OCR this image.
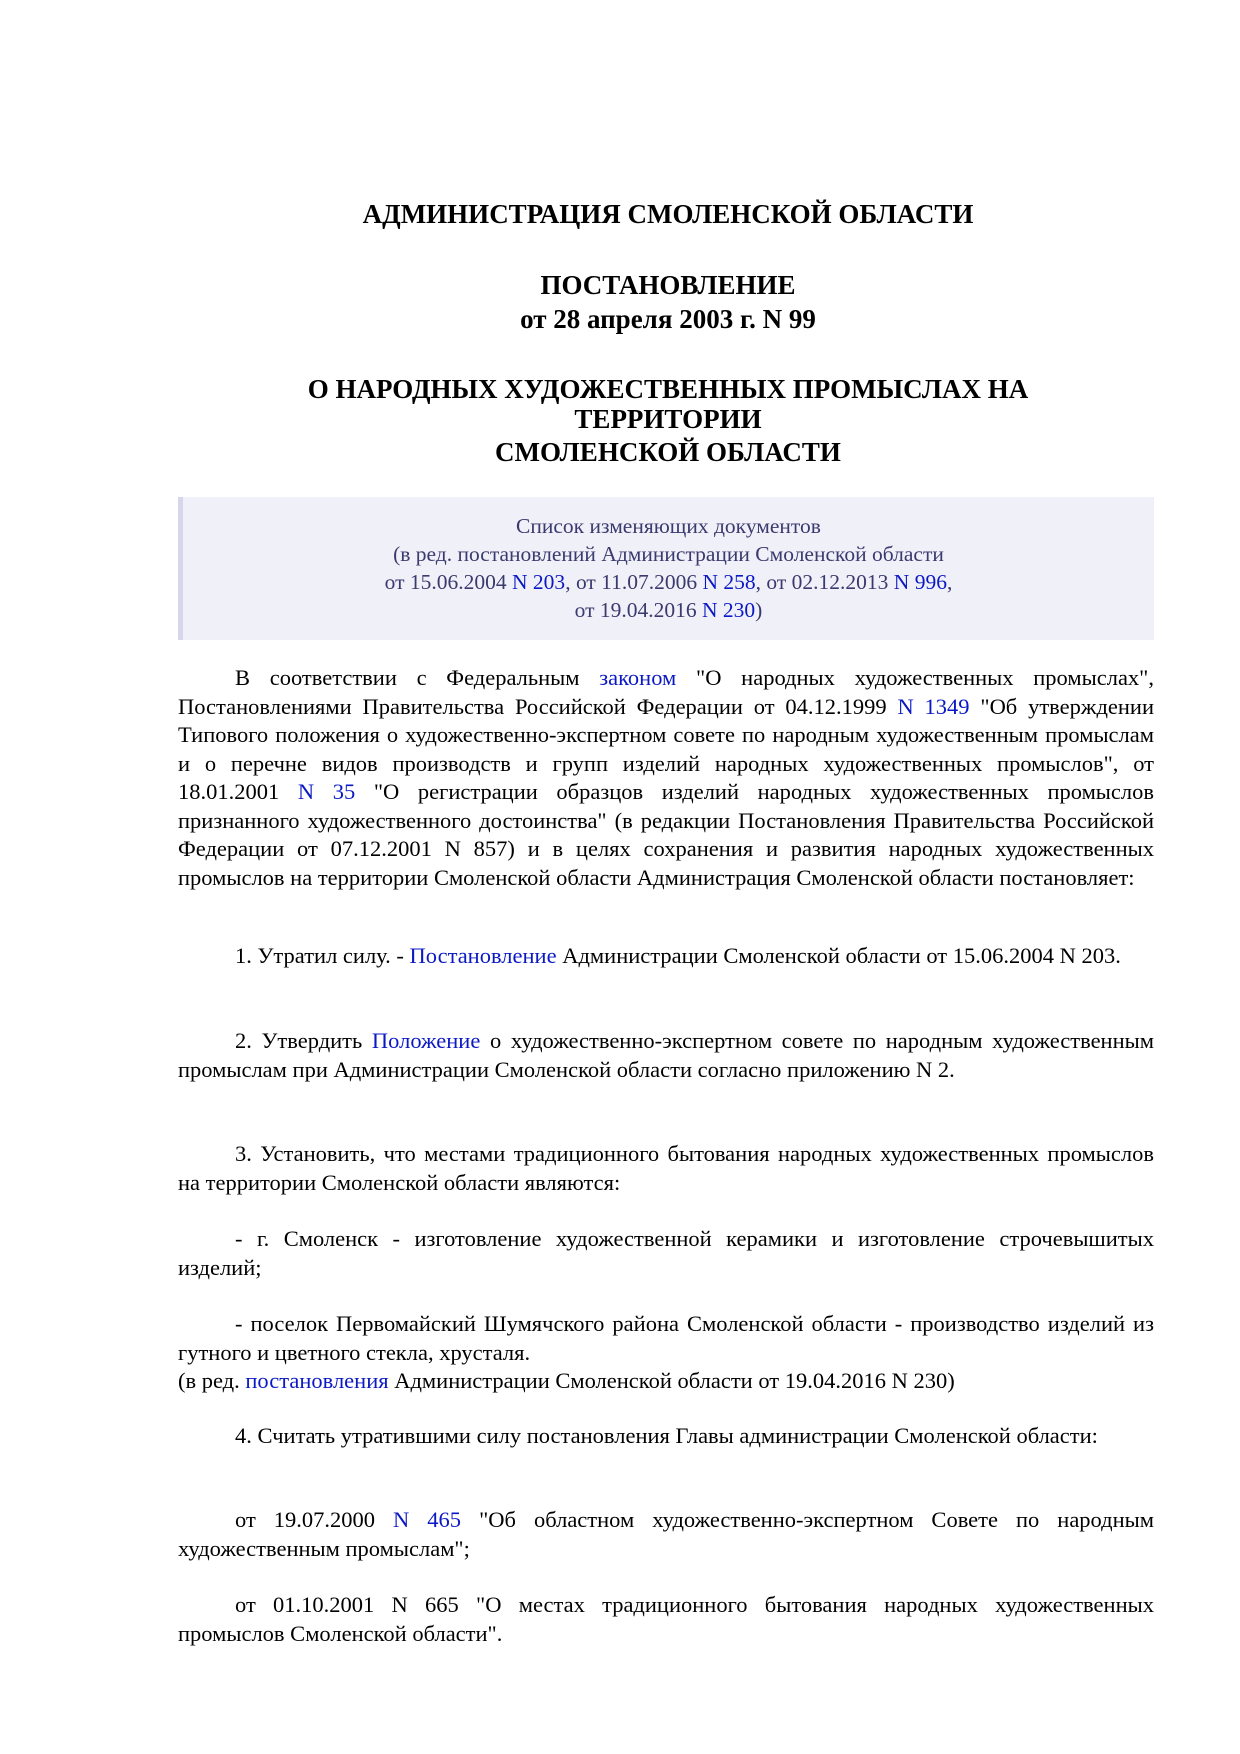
АДМИНИСТРАЦИЯ СМОЛЕНСКОЙ ОБЛАСТИ
ПОСТАНОВЛЕНИЕ
от 28 апреля 2003 г. N 99
О НАРОДНЫХ ХУДОЖЕСТВЕННЫХ ПРОМЫСЛАХ НА
ТЕРРИТОРИИ
СМОЛЕНСКОЙ ОБЛАСТИ
Список изменяющих документов
(в ред. постановлений Администрации Смоленской области
от 15.06.2004 N 203, от 11.07.2006 N 258, от 02.12.2013 N 996,
от 19.04.2016 N 230)

В соответствии с Федеральным законом "О народных художественных промыслах", Постановлениями Правительства Российской Федерации от 04.12.1999 N 1349 "Об утверждении Типового положения о художественно-экспертном совете по народным художественным промыслам и о перечне видов производств и групп изделий народных художественных промыслов", от 18.01.2001 N 35 "О регистрации образцов изделий народных художественных промыслов признанного художественного достоинства" (в редакции Постановления Правительства Российской Федерации от 07.12.2001 N 857) и в целях сохранения и развития народных художественных промыслов на территории Смоленской области Администрация Смоленской области постановляет:

1. Утратил силу. - Постановление Администрации Смоленской области от 15.06.2004 N 203.

2. Утвердить Положение о художественно-экспертном совете по народным художественным промыслам при Администрации Смоленской области согласно приложению N 2.

3. Установить, что местами традиционного бытования народных художественных промыслов на территории Смоленской области являются:

- г. Смоленск - изготовление художественной керамики и изготовление строчевышитых изделий;

- поселок Первомайский Шумячского района Смоленской области - производство изделий из гутного и цветного стекла, хрусталя.

(в ред. постановления Администрации Смоленской области от 19.04.2016 N 230)

4. Считать утратившими силу постановления Главы администрации Смоленской области:

от 19.07.2000 N 465 "Об областном художественно-экспертном Совете по народным художественным промыслам";

от 01.10.2001 N 665 "О местах традиционного бытования народных художественных промыслов Смоленской области".
